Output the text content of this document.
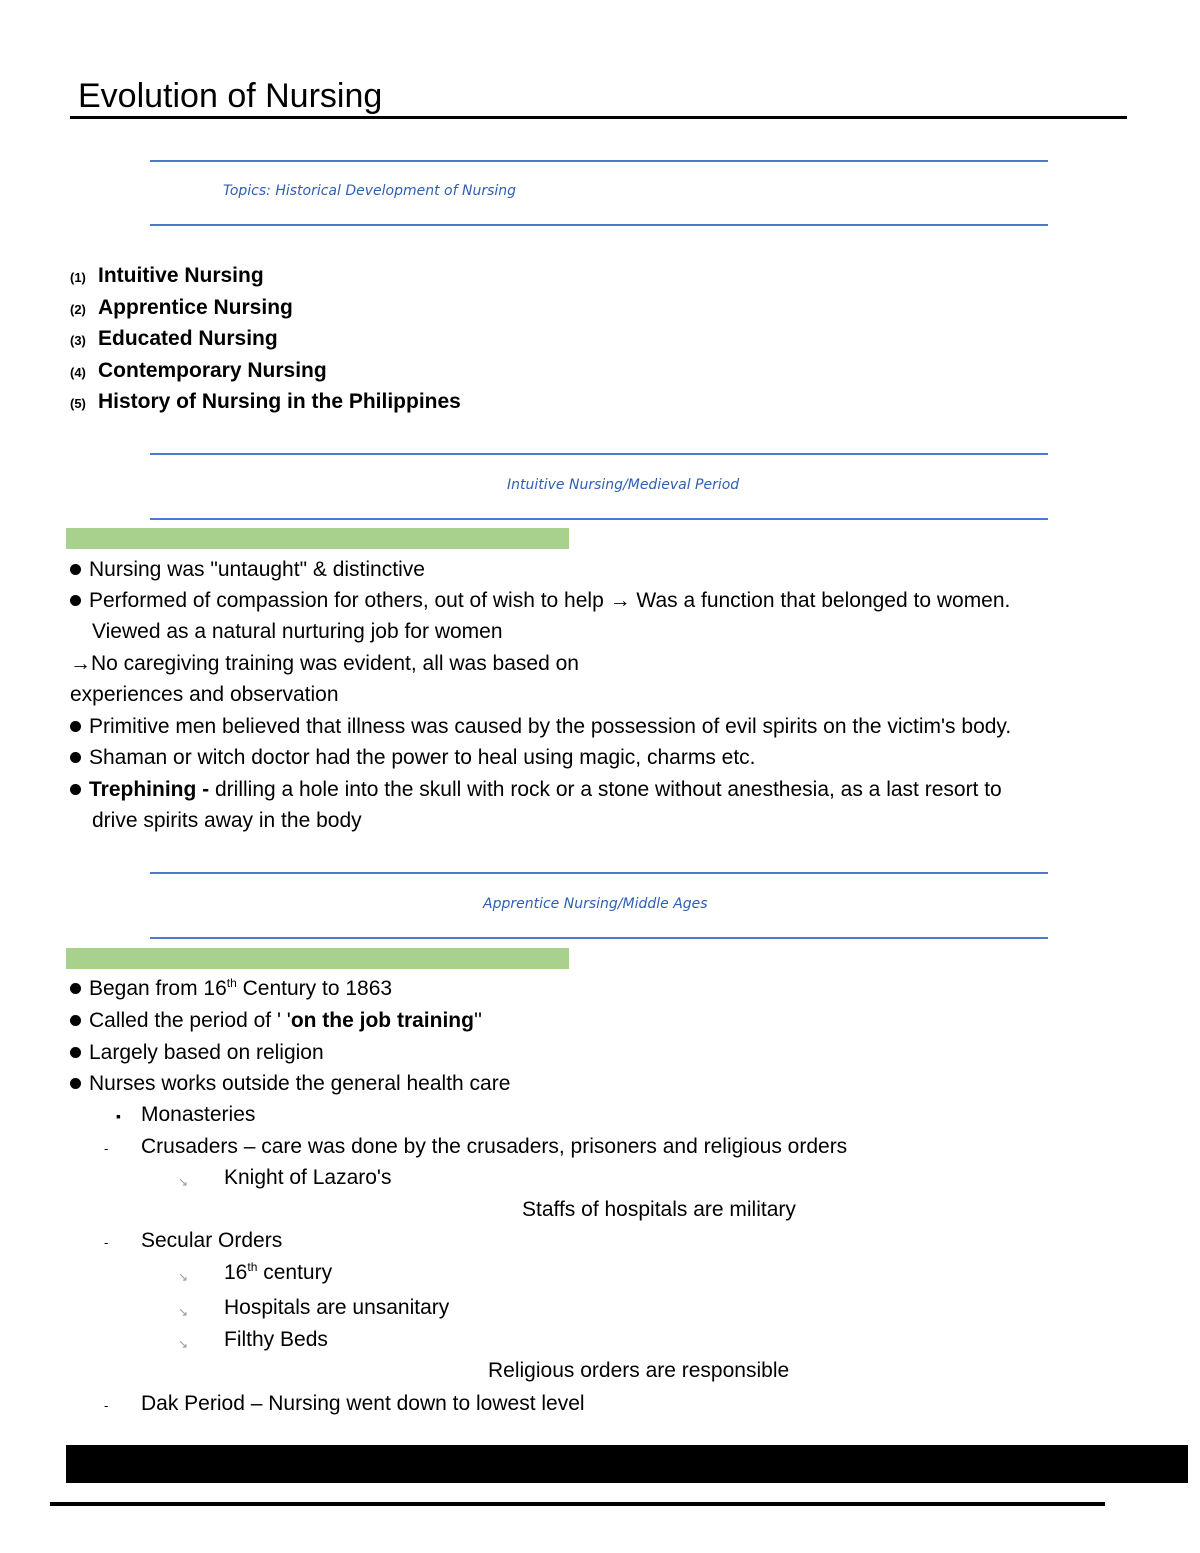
Evolution of Nursing
Topics: Historical Development of Nursing
(1) Intuitive Nursing
(2) Apprentice Nursing
(3) Educated Nursing
(4) Contemporary Nursing
(5) History of Nursing in the Philippines
Intuitive Nursing/Medieval Period
Nursing was "untaught" & distinctive
Performed of compassion for others, out of wish to help → Was a function that belonged to women.
Viewed as a natural nurturing job for women
→No caregiving training was evident, all was based on
experiences and observation
Primitive men believed that illness was caused by the possession of evil spirits on the victim's body.
Shaman or witch doctor had the power to heal using magic, charms etc.
Trephining - drilling a hole into the skull with rock or a stone without anesthesia, as a last resort to
drive spirits away in the body
Apprentice Nursing/Middle Ages
Began from 16th Century to 1863
Called the period of ' 'on the job training''
Largely based on religion
Nurses works outside the general health care
▪ Monasteries
- Crusaders – care was done by the crusaders, prisoners and religious orders
↘ Knight of Lazaro's
Staffs of hospitals are military
- Secular Orders
↘ 16th century
↘ Hospitals are unsanitary
↘ Filthy Beds
Religious orders are responsible
- Dak Period – Nursing went down to lowest level
1
